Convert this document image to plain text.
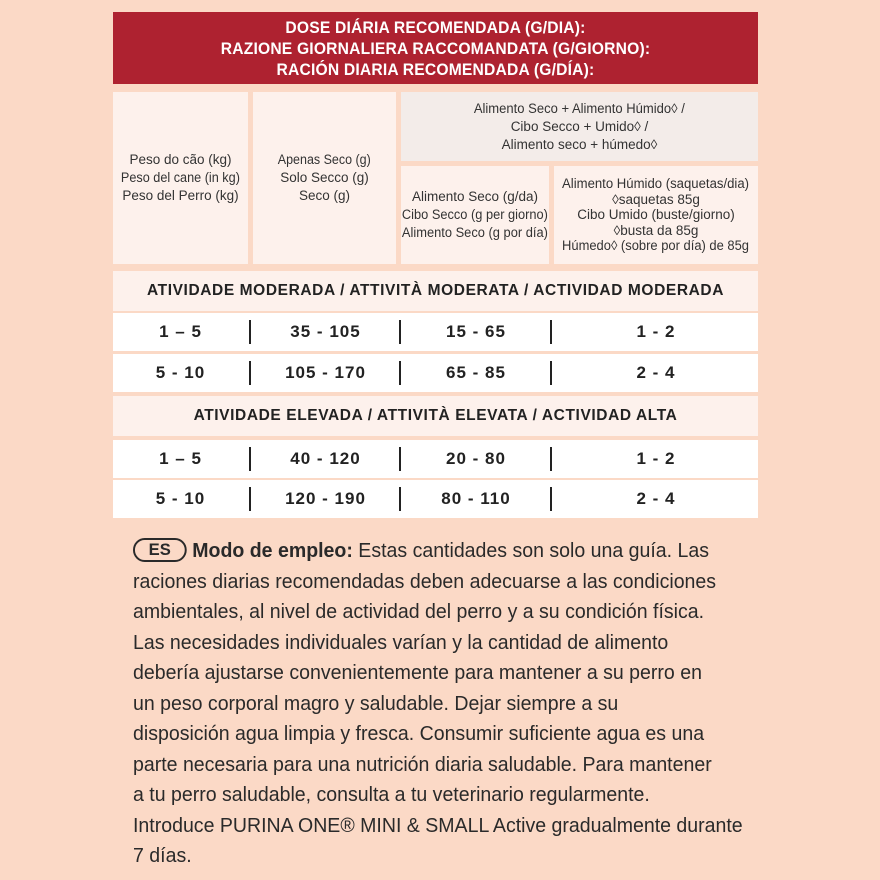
DOSE DIÁRIA RECOMENDADA (G/DIA):
RAZIONE GIORNALIERA RACCOMANDATA (G/GIORNO):
RACIÓN DIARIA RECOMENDADA (G/DÍA):
Peso do cão (kg)
Peso del cane (in kg)
Peso del Perro (kg)
Apenas Seco (g)
Solo Secco (g)
Seco (g)
Alimento Seco + Alimento Húmido◊ /
Cibo Secco + Umido◊ /
Alimento seco + húmedo◊
Alimento Seco (g/da)
Cibo Secco (g per giorno)
Alimento Seco (g por día)
Alimento Húmido (saquetas/dia)
◊saquetas 85g
Cibo Umido (buste/giorno)
◊busta da 85g
Húmedo◊ (sobre por día) de 85g
ATIVIDADE MODERADA / ATTIVITÀ MODERATA / ACTIVIDAD MODERADA
1 – 5	35 - 105	15 - 65	1 - 2
5 - 10	105 - 170	65 - 85	2 - 4
ATIVIDADE ELEVADA / ATTIVITÀ ELEVATA / ACTIVIDAD ALTA
1 – 5	40 - 120	20 - 80	1 - 2
5 - 10	120 - 190	80 - 110	2 - 4
ES Modo de empleo: Estas cantidades son solo una guía. Las
raciones diarias recomendadas deben adecuarse a las condiciones
ambientales, al nivel de actividad del perro y a su condición física.
Las necesidades individuales varían y la cantidad de alimento
debería ajustarse convenientemente para mantener a su perro en
un peso corporal magro y saludable. Dejar siempre a su
disposición agua limpia y fresca. Consumir suficiente agua es una
parte necesaria para una nutrición diaria saludable. Para mantener
a tu perro saludable, consulta a tu veterinario regularmente.
Introduce PURINA ONE® MINI & SMALL Active gradualmente durante
7 días.
